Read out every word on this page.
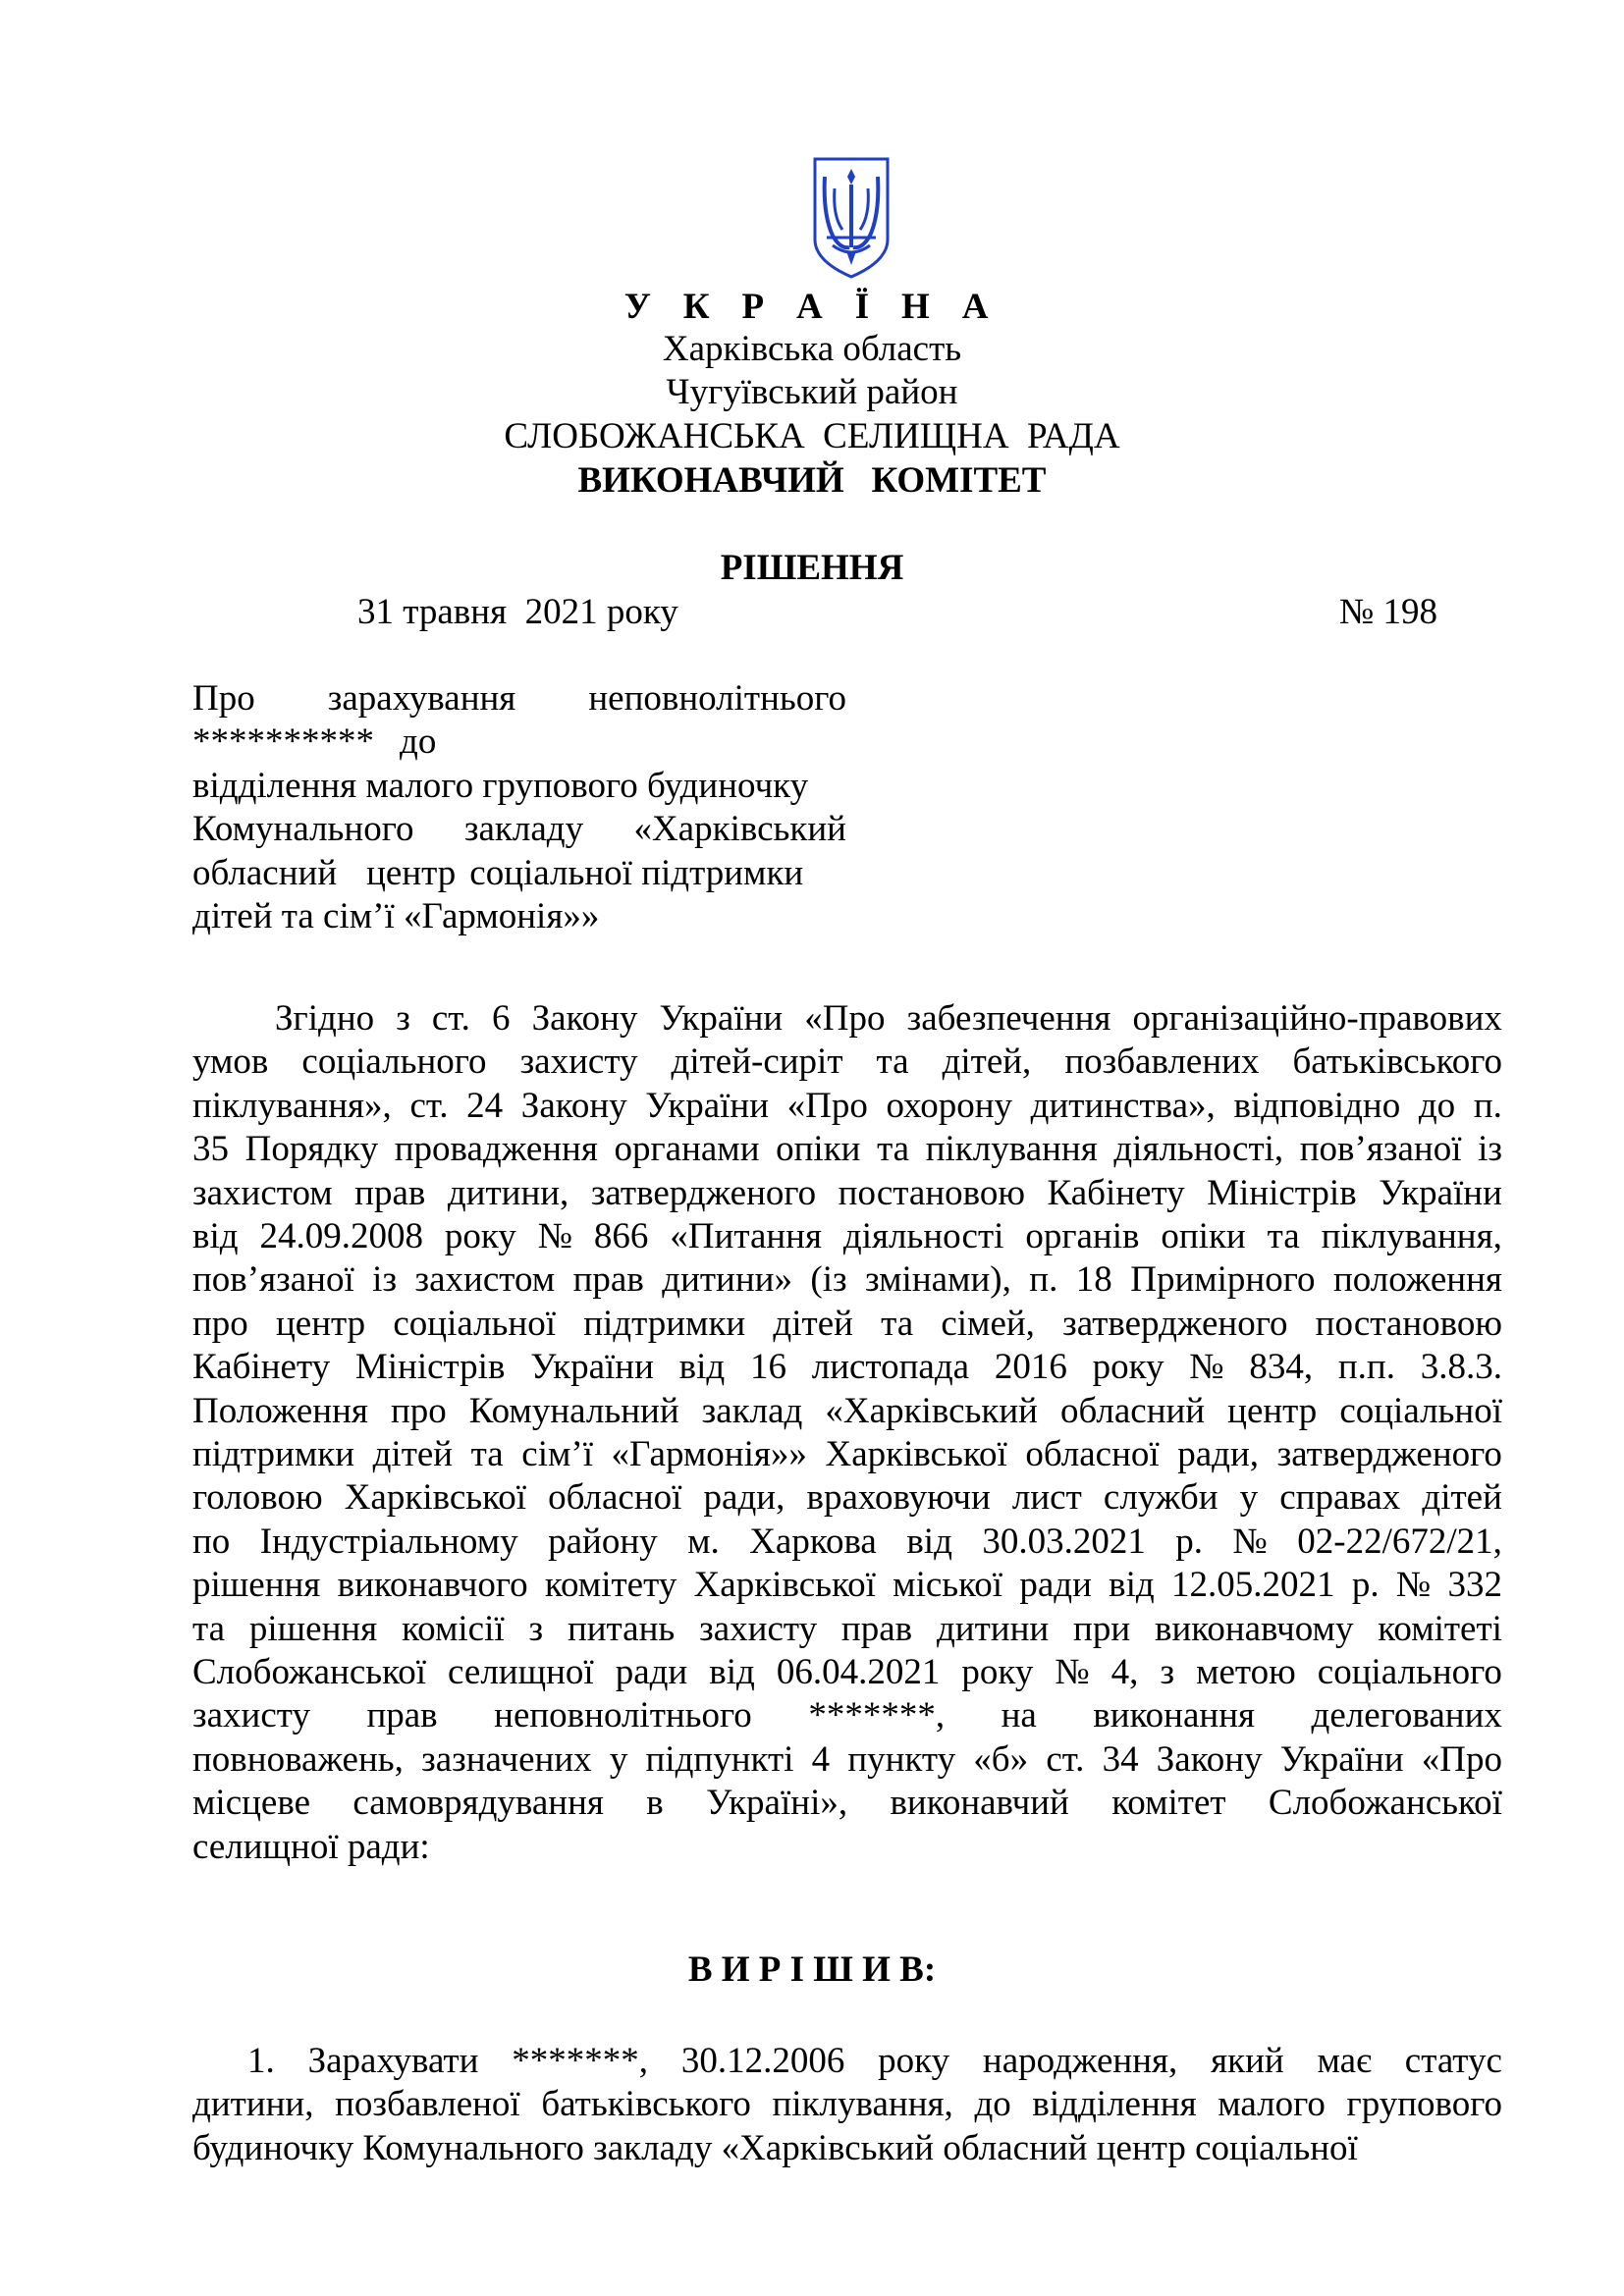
У К Р А Ї Н А
Харківська область
Чугуївський район
СЛОБОЖАНСЬКА  СЕЛИЩНА  РАДА
ВИКОНАВЧИЙ   КОМІТЕТ
РІШЕННЯ
31 травня  2021 року	№ 198
Про зарахування неповнолітнього
********** до
відділення малого групового будиночку
Комунального закладу «Харківський
обласний центр соціальної підтримки
дітей та сім’ї «Гармонія»»
Згідно з ст. 6 Закону України «Про забезпечення організаційно-правових
умов соціального захисту дітей-сиріт та дітей, позбавлених батьківського
піклування», ст. 24 Закону України «Про охорону дитинства», відповідно до п.
35 Порядку провадження органами опіки та піклування діяльності, пов’язаної із
захистом прав дитини, затвердженого постановою Кабінету Міністрів України
від 24.09.2008 року № 866 «Питання діяльності органів опіки та піклування,
пов’язаної із захистом прав дитини» (із змінами), п. 18 Примірного положення
про центр соціальної підтримки дітей та сімей, затвердженого постановою
Кабінету Міністрів України від 16 листопада 2016 року № 834, п.п. 3.8.3.
Положення про Комунальний заклад «Харківський обласний центр соціальної
підтримки дітей та сім’ї «Гармонія»» Харківської обласної ради, затвердженого
головою Харківської обласної ради, враховуючи лист служби у справах дітей
по Індустріальному району м. Харкова від 30.03.2021 р. № 02-22/672/21,
рішення виконавчого комітету Харківської міської ради від 12.05.2021 р. № 332
та рішення комісії з питань захисту прав дитини при виконавчому комітеті
Слобожанської селищної ради від 06.04.2021 року № 4, з метою соціального
захисту прав неповнолітнього *******, на виконання делегованих
повноважень, зазначених у підпункті 4 пункту «б» ст. 34 Закону України «Про
місцеве самоврядування в Україні», виконавчий комітет Слобожанської
селищної ради:
В И Р І Ш И В:
1. Зарахувати *******, 30.12.2006 року народження, який має статус
дитини, позбавленої батьківського піклування, до відділення малого групового
будиночку Комунального закладу «Харківський обласний центр соціальної
